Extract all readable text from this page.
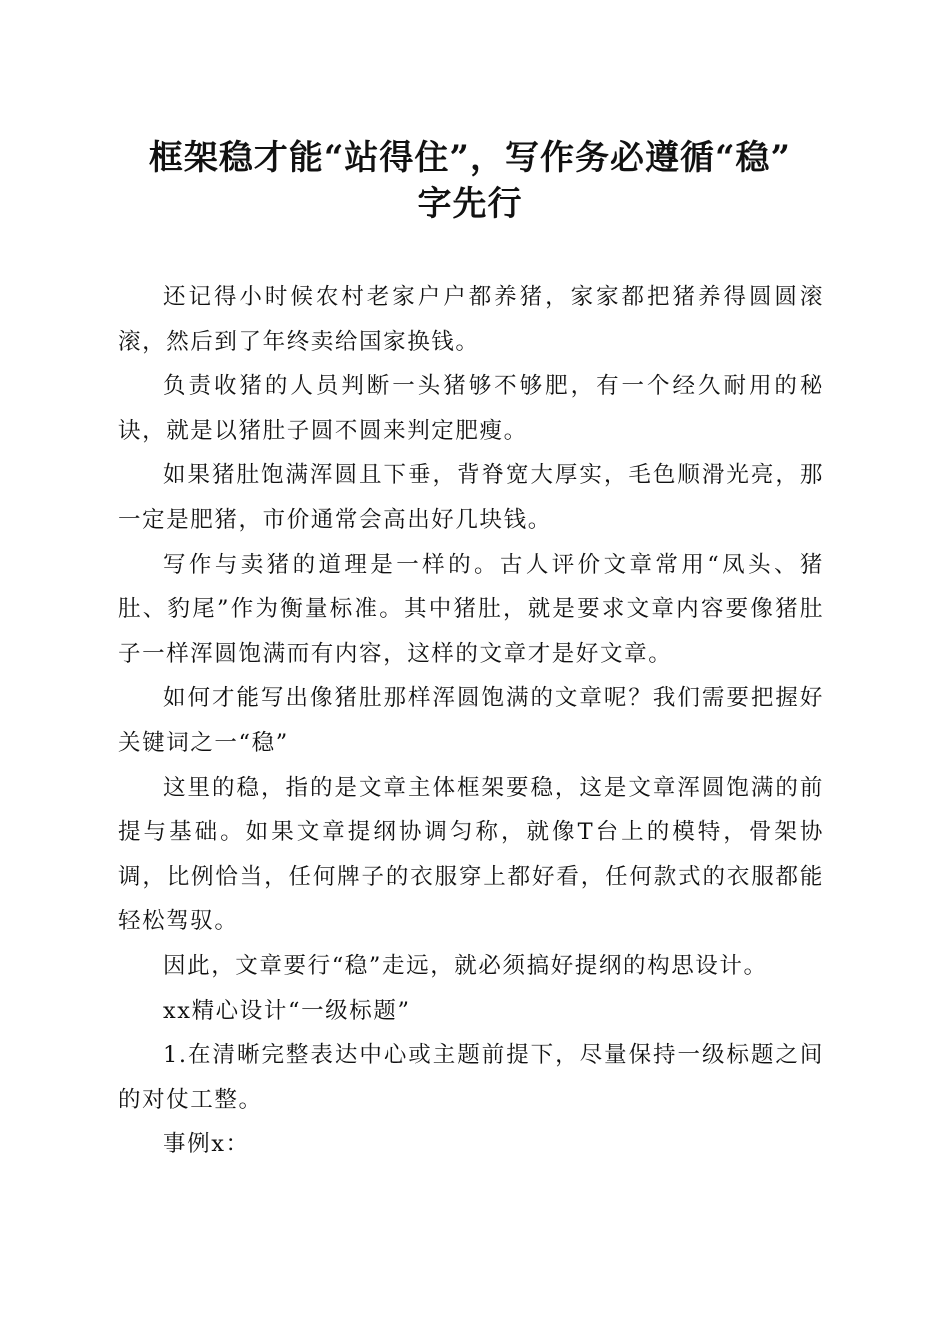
框架稳才能“站得住”，写作务必遵循“稳”
字先行

还记得小时候农村老家户户都养猪，家家都把猪养得圆圆滚滚，然后到了年终卖给国家换钱。

负责收猪的人员判断一头猪够不够肥，有一个经久耐用的秘诀，就是以猪肚子圆不圆来判定肥瘦。

如果猪肚饱满浑圆且下垂，背脊宽大厚实，毛色顺滑光亮，那一定是肥猪，市价通常会高出好几块钱。

写作与卖猪的道理是一样的。古人评价文章常用“凤头、猪肚、豹尾”作为衡量标准。其中猪肚，就是要求文章内容要像猪肚子一样浑圆饱满而有内容，这样的文章才是好文章。

如何才能写出像猪肚那样浑圆饱满的文章呢？我们需要把握好关键词之一“稳”

这里的稳，指的是文章主体框架要稳，这是文章浑圆饱满的前提与基础。如果文章提纲协调匀称，就像T台上的模特，骨架协调，比例恰当，任何牌子的衣服穿上都好看，任何款式的衣服都能轻松驾驭。

因此，文章要行“稳”走远，就必须搞好提纲的构思设计。

xx精心设计“一级标题”

1.在清晰完整表达中心或主题前提下，尽量保持一级标题之间的对仗工整。

事例x：
